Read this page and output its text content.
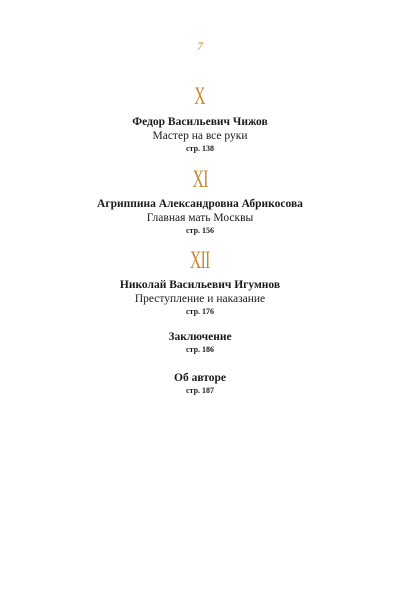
7
X
Федор Васильевич Чижов
Мастер на все руки
стр. 138
XI
Агриппина Александровна Абрикосова
Главная мать Москвы
стр. 156
XII
Николай Васильевич Игумнов
Преступление и наказание
стр. 176
Заключение
стр. 186
Об авторе
стр. 187
